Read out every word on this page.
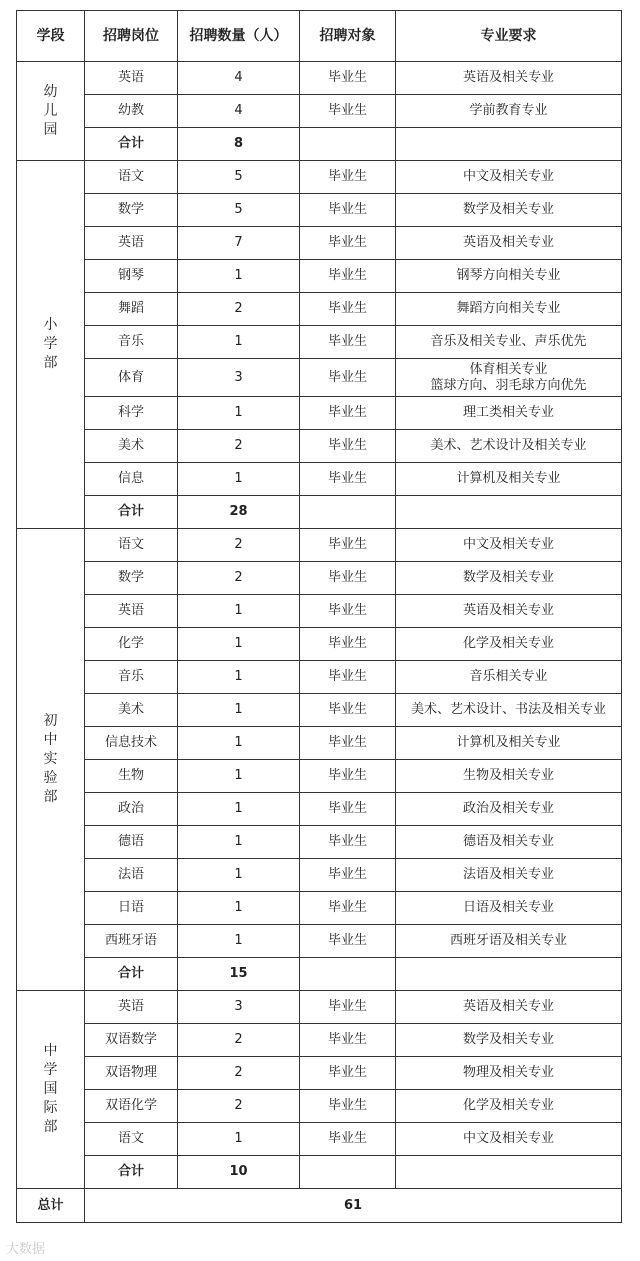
学段	招聘岗位	招聘数量（人）	招聘对象	专业要求
幼儿园	英语	4	毕业生	英语及相关专业

	幼教	4	毕业生	学前教育专业

	合计	8		
小学部	语文	5	毕业生	中文及相关专业

	数学	5	毕业生	数学及相关专业

	英语	7	毕业生	英语及相关专业

	钢琴	1	毕业生	钢琴方向相关专业

	舞蹈	2	毕业生	舞蹈方向相关专业

	音乐	1	毕业生	音乐及相关专业、声乐优先

	体育	3	毕业生	体育相关专业
篮球方向、羽毛球方向优先

	科学	1	毕业生	理工类相关专业

	美术	2	毕业生	美术、艺术设计及相关专业

	信息	1	毕业生	计算机及相关专业

	合计	28		
初中实验部	语文	2	毕业生	中文及相关专业

	数学	2	毕业生	数学及相关专业

	英语	1	毕业生	英语及相关专业

	化学	1	毕业生	化学及相关专业

	音乐	1	毕业生	音乐相关专业

	美术	1	毕业生	美术、艺术设计、书法及相关专业

	信息技术	1	毕业生	计算机及相关专业

	生物	1	毕业生	生物及相关专业

	政治	1	毕业生	政治及相关专业

	德语	1	毕业生	德语及相关专业

	法语	1	毕业生	法语及相关专业

	日语	1	毕业生	日语及相关专业

	西班牙语	1	毕业生	西班牙语及相关专业

	合计	15		
中学国际部	英语	3	毕业生	英语及相关专业

	双语数学	2	毕业生	数学及相关专业

	双语物理	2	毕业生	物理及相关专业

	双语化学	2	毕业生	化学及相关专业

	语文	1	毕业生	中文及相关专业

	合计	10		
总计	61			
大数据
